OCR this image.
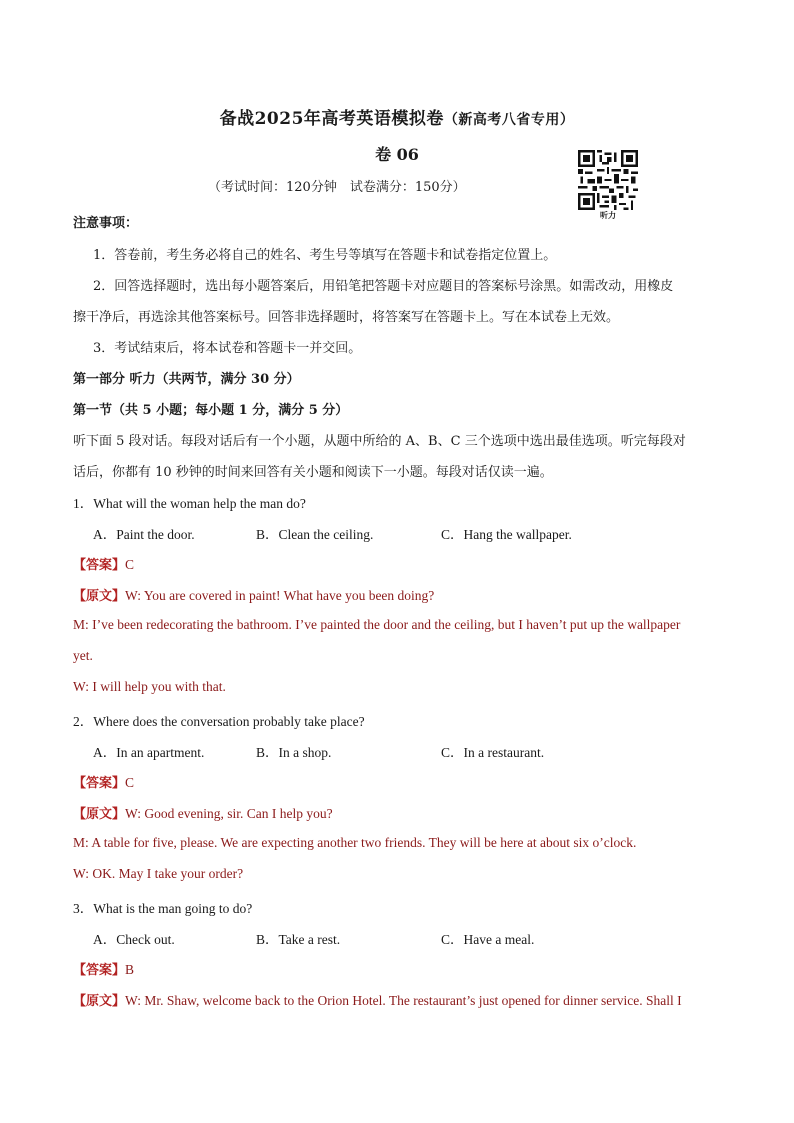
备战2025年高考英语模拟卷（新高考八省专用）
卷 06
（考试时间：120分钟　试卷满分：150分）
听力
注意事项：
1．答卷前，考生务必将自己的姓名、考生号等填写在答题卡和试卷指定位置上。
2．回答选择题时，选出每小题答案后，用铅笔把答题卡对应题目的答案标号涂黑。如需改动，用橡皮
擦干净后，再选涂其他答案标号。回答非选择题时，将答案写在答题卡上。写在本试卷上无效。
3．考试结束后，将本试卷和答题卡一并交回。
第一部分 听力（共两节，满分 30 分）
第一节（共 5 小题；每小题 1 分，满分 5 分）
听下面 5 段对话。每段对话后有一个小题，从题中所给的 A、B、C 三个选项中选出最佳选项。听完每段对
话后，你都有 10 秒钟的时间来回答有关小题和阅读下一小题。每段对话仅读一遍。
1．What will the woman help the man do?
A．Paint the door.	B．Clean the ceiling.	C．Hang the wallpaper.
【答案】C
【原文】W: You are covered in paint! What have you been doing?
M: I’ve been redecorating the bathroom. I’ve painted the door and the ceiling, but I haven’t put up the wallpaper
yet.
W: I will help you with that.
2．Where does the conversation probably take place?
A．In an apartment.	B．In a shop.	C．In a restaurant.
【答案】C
【原文】W: Good evening, sir. Can I help you?
M: A table for five, please. We are expecting another two friends. They will be here at about six o’clock.
W: OK. May I take your order?
3．What is the man going to do?
A．Check out.	B．Take a rest.	C．Have a meal.
【答案】B
【原文】W: Mr. Shaw, welcome back to the Orion Hotel. The restaurant’s just opened for dinner service. Shall I
